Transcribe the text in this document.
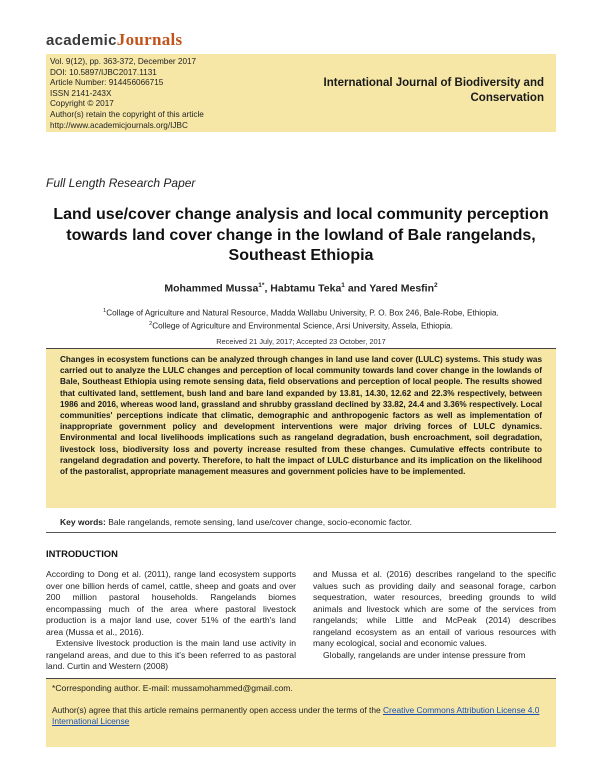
academicJournals
Vol. 9(12), pp. 363-372, December 2017
DOI: 10.5897/IJBC2017.1131
Article Number: 914456066715
ISSN 2141-243X
Copyright © 2017
Author(s) retain the copyright of this article
http://www.academicjournals.org/IJBC
International Journal of Biodiversity and
Conservation
Full Length Research Paper
Land use/cover change analysis and local community perception towards land cover change in the lowland of Bale rangelands, Southeast Ethiopia
Mohammed Mussa$^{1*}$, Habtamu Teka$^1$ and Yared Mesfin$^2$
$^1$Collage of Agriculture and Natural Resource, Madda Wallabu University, P. O. Box 246, Bale-Robe, Ethiopia.
$^2$College of Agriculture and Environmental Science, Arsi University, Assela, Ethiopia.
Received 21 July, 2017; Accepted 23 October, 2017

Changes in ecosystem functions can be analyzed through changes in land use land cover (LULC) systems. This study was carried out to analyze the LULC changes and perception of local community towards land cover change in the lowlands of Bale, Southeast Ethiopia using remote sensing data, field observations and perception of local people. The results showed that cultivated land, settlement, bush land and bare land expanded by 13.81, 14.30, 12.62 and 22.3% respectively, between 1986 and 2016, whereas wood land, grassland and shrubby grassland declined by 33.82, 24.4 and 3.36% respectively. Local communities' perceptions indicate that climatic, demographic and anthropogenic factors as well as implementation of inappropriate government policy and development interventions were major driving forces of LULC dynamics. Environmental and local livelihoods implications such as rangeland degradation, bush encroachment, soil degradation, livestock loss, biodiversity loss and poverty increase resulted from these changes. Cumulative effects contribute to rangeland degradation and poverty. Therefore, to halt the impact of LULC disturbance and its implication on the likelihood of the pastoralist, appropriate management measures and government policies have to be implemented.

Key words: Bale rangelands, remote sensing, land use/cover change, socio-economic factor.
INTRODUCTION

According to Dong et al. (2011), range land ecosystem supports over one billion herds of camel, cattle, sheep and goats and over 200 million pastoral households. Rangelands biomes encompassing much of the area where pastoral livestock production is a major land use, cover 51% of the earth's land area (Mussa et al., 2016).

Extensive livestock production is the main land use activity in rangeland areas, and due to this it's been referred to as pastoral land. Curtin and Western (2008)

and Mussa et al. (2016) describes rangeland to the specific values such as providing daily and seasonal forage, carbon sequestration, water resources, breeding grounds to wild animals and livestock which are some of the services from rangelands; while Little and McPeak (2014) describes rangeland ecosystem as an entail of various resources with many ecological, social and economic values.

Globally, rangelands are under intense pressure from

*Corresponding author. E-mail: mussamohammed@gmail.com.
Author(s) agree that this article remains permanently open access under the terms of the Creative Commons Attribution License 4.0 International License
